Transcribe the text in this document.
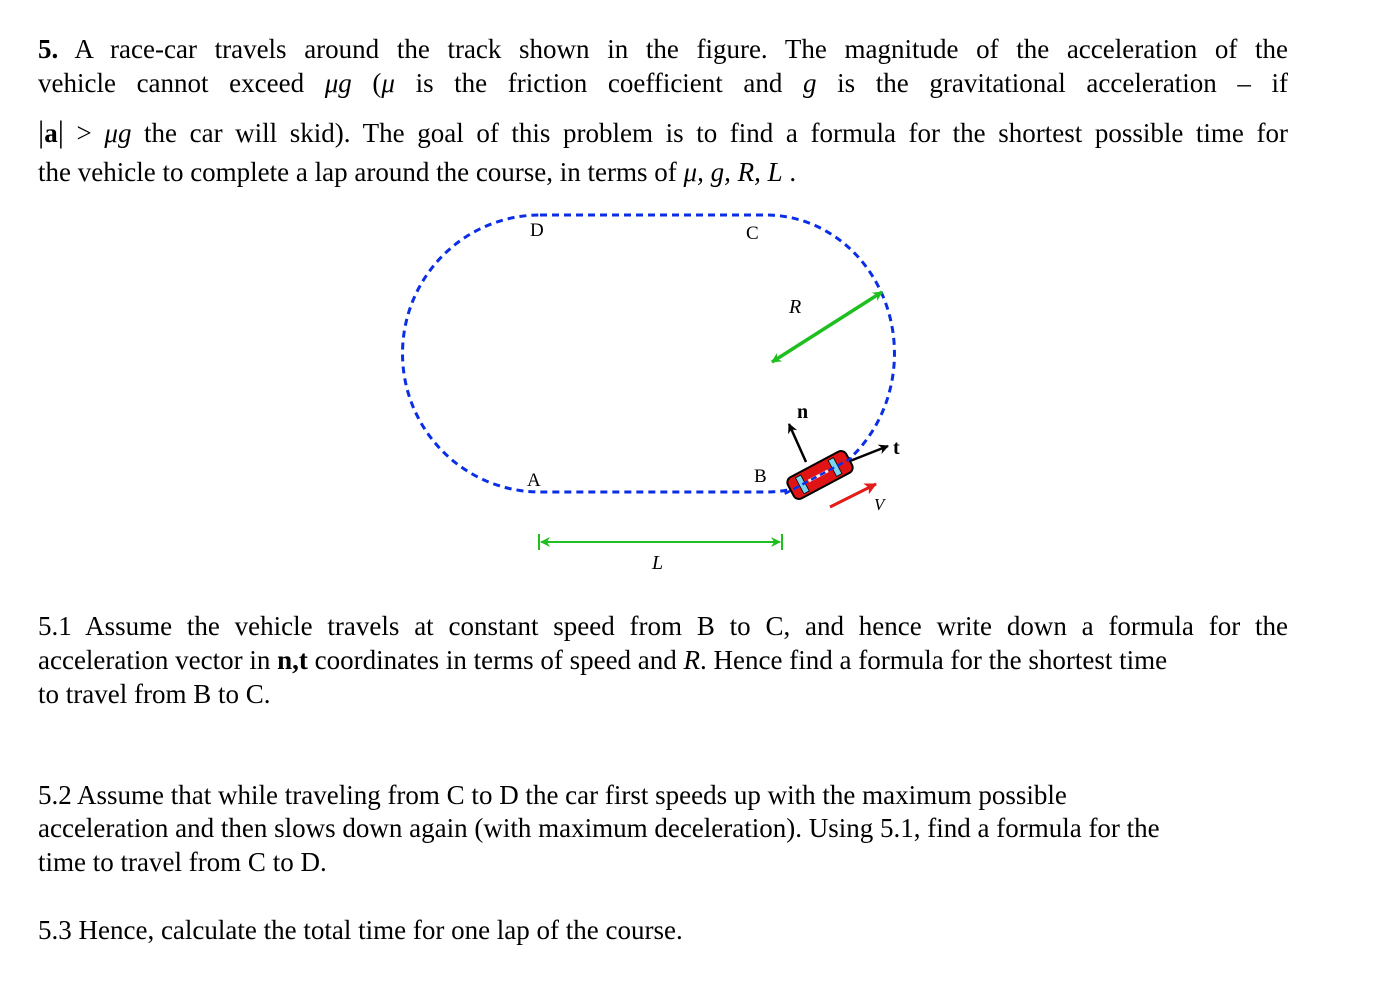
5. A race-car travels around the track shown in the figure. The magnitude of the acceleration of the
vehicle cannot exceed μg (μ is the friction coefficient and g is the gravitational acceleration – if
|a| > μg the car will skid). The goal of this problem is to find a formula for the shortest possible time for
the vehicle to complete a lap around the course, in terms of μ, g, R, L .
D	C
A	B
R
L
n
t
V
5.1 Assume the vehicle travels at constant speed from B to C, and hence write down a formula for the
acceleration vector in n,t coordinates in terms of speed and R. Hence find a formula for the shortest time
to travel from B to C.
5.2 Assume that while traveling from C to D the car first speeds up with the maximum possible
acceleration and then slows down again (with maximum deceleration). Using 5.1, find a formula for the
time to travel from C to D.
5.3 Hence, calculate the total time for one lap of the course.
